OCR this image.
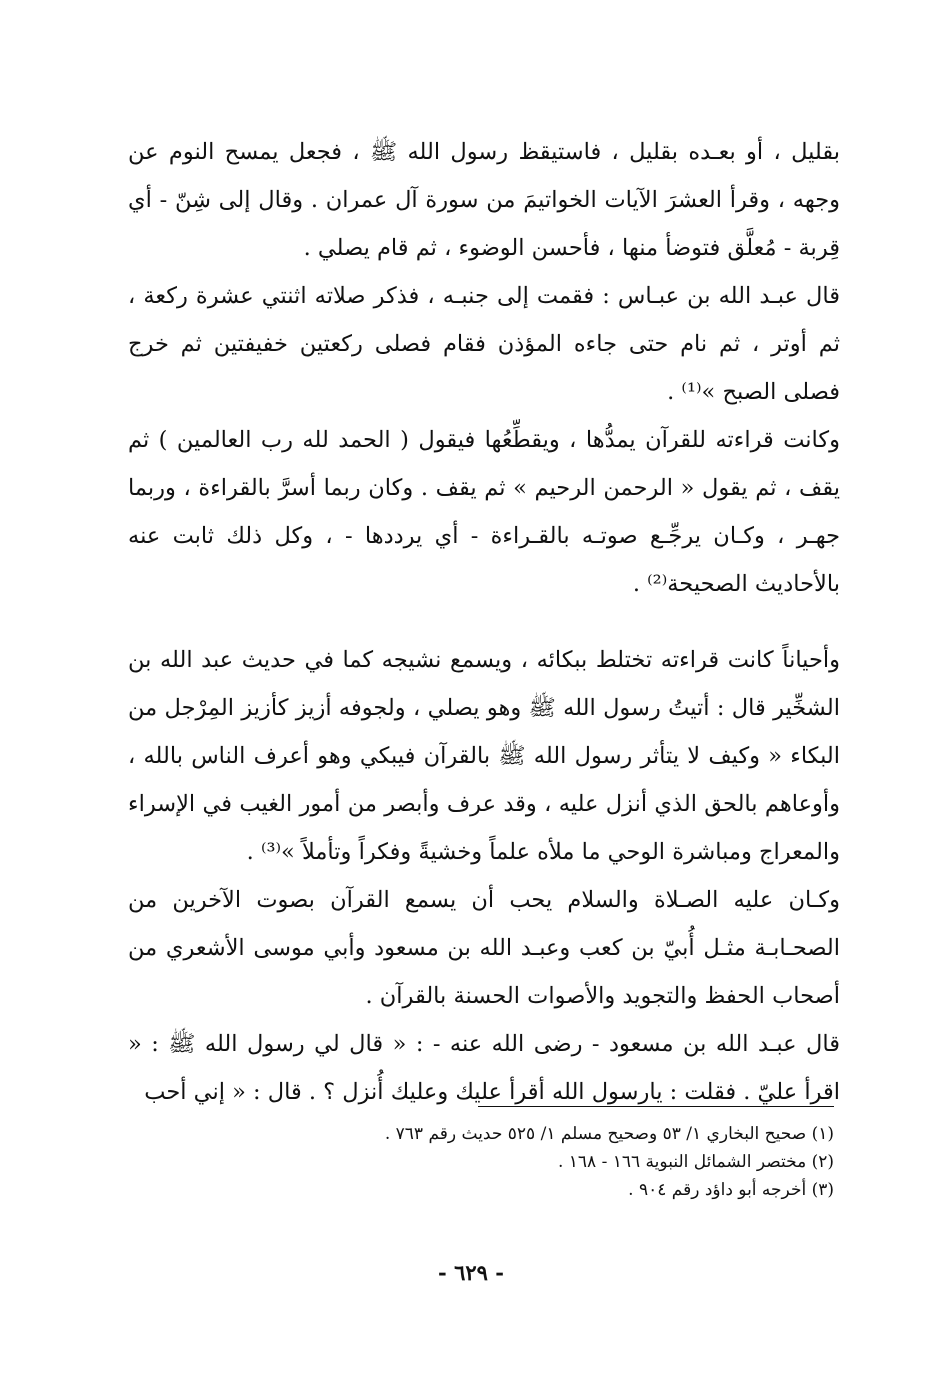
بقليل ، أو بعـده بقليل ، فاستيقظ رسول الله ﷺ ، فجعل يمسح النوم عن وجهه ، وقرأ العشرَ الآيات الخواتيمَ من سورة آل عمران . وقال إلى شِنّ - أي قِربة - مُعلَّق فتوضأ منها ، فأحسن الوضوء ، ثم قام يصلي .

قال عبـد الله بن عبـاس : فقمت إلى جنبـه ، فذكر صلاته اثنتي عشرة ركعة ، ثم أوتر ، ثم نام حتى جاءه المؤذن فقام فصلى ركعتين خفيفتين ثم خرج فصلى الصبح »⁽¹⁾ .

وكانت قراءته للقرآن يمدُّها ، ويقطِّعُها فيقول ( الحمد لله رب العالمين ) ثم يقف ، ثم يقول « الرحمن الرحيم » ثم يقف . وكان ربما أسرَّ بالقراءة ، وربما جهـر ، وكـان يرجِّـع صوتـه بالقـراءة - أي يرددها - ، وكل ذلك ثابت عنه بالأحاديث الصحيحة⁽²⁾ .

وأحياناً كانت قراءته تختلط ببكائه ، ويسمع نشيجه كما في حديث عبد الله بن الشخِّير قال : أتيتُ رسول الله ﷺ وهو يصلي ، ولجوفه أزيز كأزيز المِرْجل من البكاء « وكيف لا يتأثر رسول الله ﷺ بالقرآن فيبكي وهو أعرف الناس بالله ، وأوعاهم بالحق الذي أنزل عليه ، وقد عرف وأبصر من أمور الغيب في الإسراء والمعراج ومباشرة الوحي ما ملأه علماً وخشيةً وفكراً وتأملاً »⁽³⁾ .

وكـان عليه الصـلاة والسلام يحب أن يسمع القرآن بصوت الآخرين من الصحـابـة مثـل أُبيّ بن كعب وعبـد الله بن مسعود وأبي موسى الأشعري من أصحاب الحفظ والتجويد والأصوات الحسنة بالقرآن .

قال عبـد الله بن مسعود - رضى الله عنه - : « قال لي رسول الله ﷺ : « اقرأ عليّ . فقلت : يارسول الله أقرأ عليك وعليك أُنزل ؟ . قال : « إني أحب

(١) صحيح البخاري ١/ ٥٣ وصحيح مسلم ١/ ٥٢٥ حديث رقم ٧٦٣ .
(٢) مختصر الشمائل النبوية ١٦٦ - ١٦٨ .
(٣) أخرجه أبو داؤد رقم ٩٠٤ .
- ٦٢٩ -
